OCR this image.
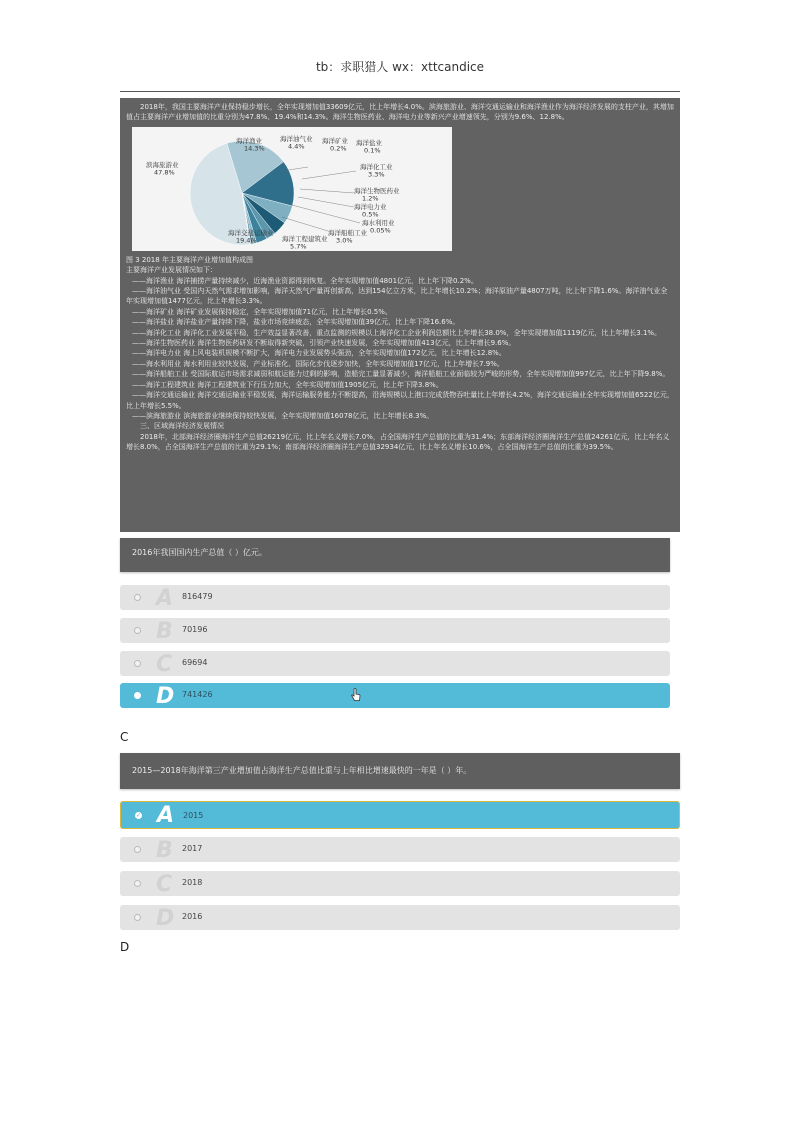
tb：求职猎人 wx：xttcandice

2018年，我国主要海洋产业保持稳步增长，全年实现增加值33609亿元，比上年增长4.0%。滨海旅游业、海洋交通运输业和海洋渔业作为海洋经济发展的支柱产业，其增加值占主要海洋产业增加值的比重分别为47.8%、19.4%和14.3%。海洋生物医药业、海洋电力业等新兴产业增速领先，分别为9.6%、12.8%。

滨海旅游业 47.8%
海洋交通运输业 19.4%	海洋工程建筑业 5.7%
海洋渔业 14.3%
海洋油气业 4.4%
海洋矿业 0.2%
海洋盐业 0.1%
海洋化工业 3.3%
海洋生物医药业 1.2%
海洋电力业 0.5%
海水利用业 0.05%
海洋船舶工业 3.0%

图 3 2018 年主要海洋产业增加值构成图

主要海洋产业发展情况如下：

——海洋渔业 海洋捕捞产量持续减少，近海渔业资源得到恢复。全年实现增加值4801亿元，比上年下降0.2%。

——海洋油气业 受国内天然气需求增加影响，海洋天然气产量再创新高，达到154亿立方米，比上年增长10.2%；海洋原油产量4807万吨，比上年下降1.6%。海洋油气业全年实现增加值1477亿元，比上年增长3.3%。

——海洋矿业 海洋矿业发展保持稳定，全年实现增加值71亿元，比上年增长0.5%。

——海洋盐业 海洋盐业产量持续下降，盐业市场竞续疲态，全年实现增加值39亿元，比上年下降16.6%。

——海洋化工业 海洋化工业发展平稳，生产效益显著改善，重点监测的规模以上海洋化工企业利润总额比上年增长38.0%，全年实现增加值1119亿元，比上年增长3.1%。

——海洋生物医药业 海洋生物医药研发不断取得新突破，引领产业快速发展，全年实现增加值413亿元，比上年增长9.6%。

——海洋电力业 海上风电装机规模不断扩大，海洋电力业发展势头强劲，全年实现增加值172亿元，比上年增长12.8%。

——海水利用业 海水利用业较快发展，产业标准化、国际化步伐逐步加快，全年实现增加值17亿元，比上年增长7.9%。

——海洋船舶工业 受国际航运市场需求减弱和航运能力过剩的影响，造船完工量显著减少，海洋船舶工业面临较为严峻的形势，全年实现增加值997亿元，比上年下降9.8%。

——海洋工程建筑业 海洋工程建筑业下行压力加大，全年实现增加值1905亿元，比上年下降3.8%。

——海洋交通运输业 海洋交通运输业平稳发展，海洋运输服务能力不断提高，沿海规模以上港口完成货物吞吐量比上年增长4.2%，海洋交通运输业全年实现增加值6522亿元，比上年增长5.5%。

——滨海旅游业 滨海旅游业继续保持较快发展，全年实现增加值16078亿元，比上年增长8.3%。

三、区域海洋经济发展情况

2018年，北部海洋经济圈海洋生产总值26219亿元，比上年名义增长7.0%，占全国海洋生产总值的比重为31.4%；东部海洋经济圈海洋生产总值24261亿元，比上年名义增长8.0%，占全国海洋生产总值的比重为29.1%；南部海洋经济圈海洋生产总值32934亿元，比上年名义增长10.6%，占全国海洋生产总值的比重为39.5%。

2016年我国国内生产总值（ ）亿元。
A 816479
B 70196
C 69694
D 741426
C
2015—2018年海洋第三产业增加值占海洋生产总值比重与上年相比增速最快的一年是（ ）年。
✓ A 2015
B 2017
C 2018
D 2016
D
